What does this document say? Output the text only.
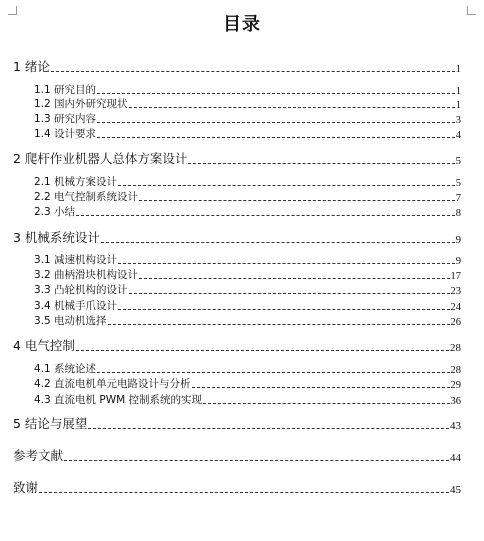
目录
1 绪论	1
1.1 研究目的	1
1.2 国内外研究现状	1
1.3 研究内容	3
1.4 设计要求	4
2 爬杆作业机器人总体方案设计	5
2.1 机械方案设计	5
2.2 电气控制系统设计	7
2.3 小结	8
3 机械系统设计	9
3.1 减速机构设计	9
3.2 曲柄滑块机构设计	17
3.3 凸轮机构的设计	23
3.4 机械手爪设计	24
3.5 电动机选择	26
4 电气控制	28
4.1 系统论述	28
4.2 直流电机单元电路设计与分析	29
4.3 直流电机 PWM 控制系统的实现	36
5 结论与展望	43
参考文献	44
致谢	45
